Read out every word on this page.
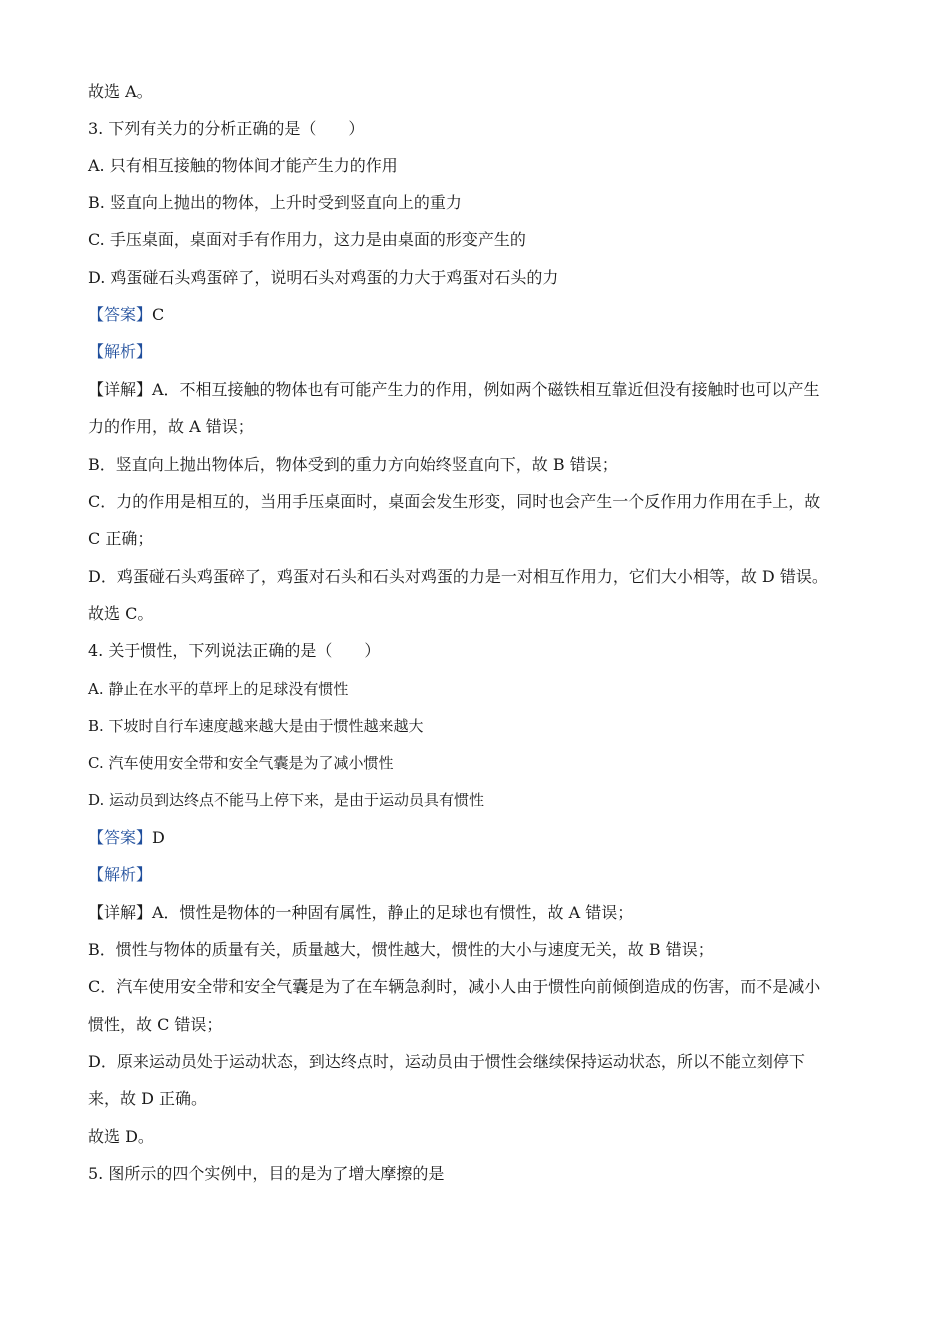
故选 A。
3. 下列有关力的分析正确的是（　　）
A. 只有相互接触的物体间才能产生力的作用
B. 竖直向上抛出的物体，上升时受到竖直向上的重力
C. 手压桌面，桌面对手有作用力，这力是由桌面的形变产生的
D. 鸡蛋碰石头鸡蛋碎了，说明石头对鸡蛋的力大于鸡蛋对石头的力
【答案】C
【解析】
【详解】A．不相互接触的物体也有可能产生力的作用，例如两个磁铁相互靠近但没有接触时也可以产生
力的作用，故 A 错误；
B．竖直向上抛出物体后，物体受到的重力方向始终竖直向下，故 B 错误；
C．力的作用是相互的，当用手压桌面时，桌面会发生形变，同时也会产生一个反作用力作用在手上，故
C 正确；
D．鸡蛋碰石头鸡蛋碎了，鸡蛋对石头和石头对鸡蛋的力是一对相互作用力，它们大小相等，故 D 错误。
故选 C。
4. 关于惯性，下列说法正确的是（　　）
A. 静止在水平的草坪上的足球没有惯性
B. 下坡时自行车速度越来越大是由于惯性越来越大
C. 汽车使用安全带和安全气囊是为了减小惯性
D. 运动员到达终点不能马上停下来，是由于运动员具有惯性
【答案】D
【解析】
【详解】A．惯性是物体的一种固有属性，静止的足球也有惯性，故 A 错误；
B．惯性与物体的质量有关，质量越大，惯性越大，惯性的大小与速度无关，故 B 错误；
C．汽车使用安全带和安全气囊是为了在车辆急刹时，减小人由于惯性向前倾倒造成的伤害，而不是减小
惯性，故 C 错误；
D．原来运动员处于运动状态，到达终点时，运动员由于惯性会继续保持运动状态，所以不能立刻停下
来，故 D 正确。
故选 D。
5. 图所示的四个实例中，目的是为了增大摩擦的是
